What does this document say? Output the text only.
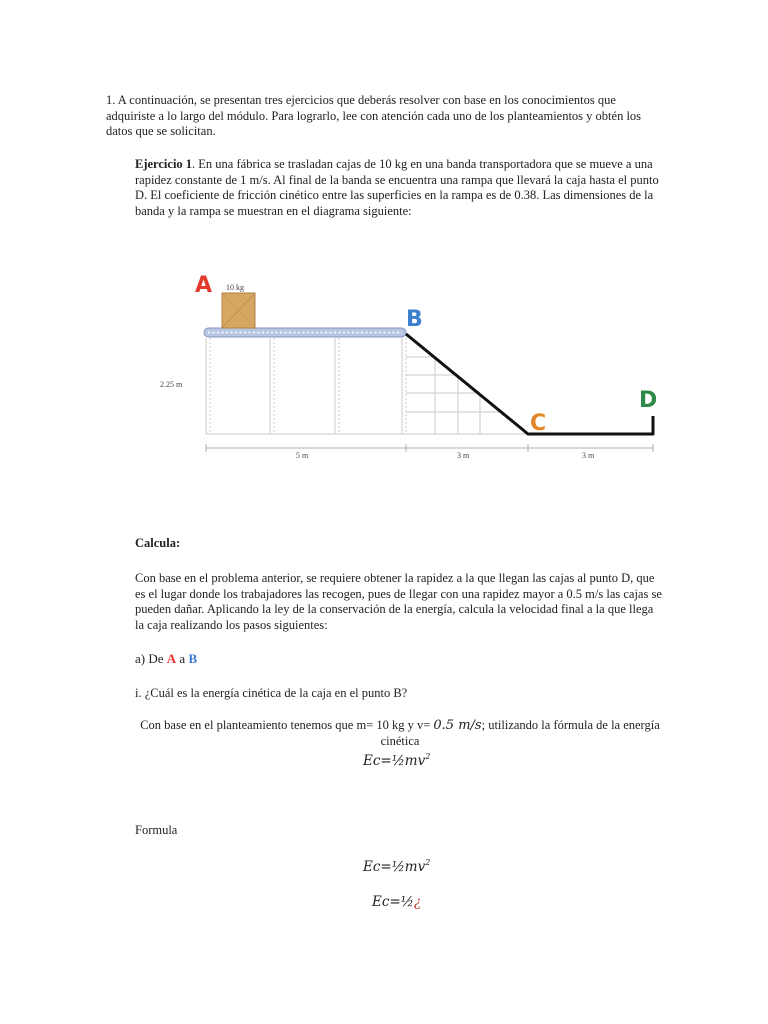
1. A continuación, se presentan tres ejercicios que deberás resolver con base en los conocimientos que adquiriste a lo largo del módulo. Para lograrlo, lee con atención cada uno de los planteamientos y obtén los datos que se solicitan.
Ejercicio 1. En una fábrica se trasladan cajas de 10 kg en una banda transportadora que se mueve a una rapidez constante de 1 m/s. Al final de la banda se encuentra una rampa que llevará la caja hasta el punto D. El coeficiente de fricción cinético entre las superficies en la rampa es de 0.38. Las dimensiones de la banda y la rampa se muestran en el diagrama siguiente:
A 10 kg
B
C
D
2.25 m
5 m	3 m	3 m
Calcula:
Con base en el problema anterior, se requiere obtener la rapidez a la que llegan las cajas al punto D, que es el lugar donde los trabajadores las recogen, pues de llegar con una rapidez mayor a 0.5 m/s las cajas se pueden dañar. Aplicando la ley de la conservación de la energía, calcula la velocidad final a la que llega la caja realizando los pasos siguientes:
a) De A a B
i. ¿Cuál es la energía cinética de la caja en el punto B?
Con base en el planteamiento tenemos que m= 10 kg y v= 0.5 m/s; utilizando la fórmula de la energía cinética
$Ec=\frac{1}{2}mv^2$
Formula
$Ec=\frac{1}{2}mv^2$
Ec=½¿
